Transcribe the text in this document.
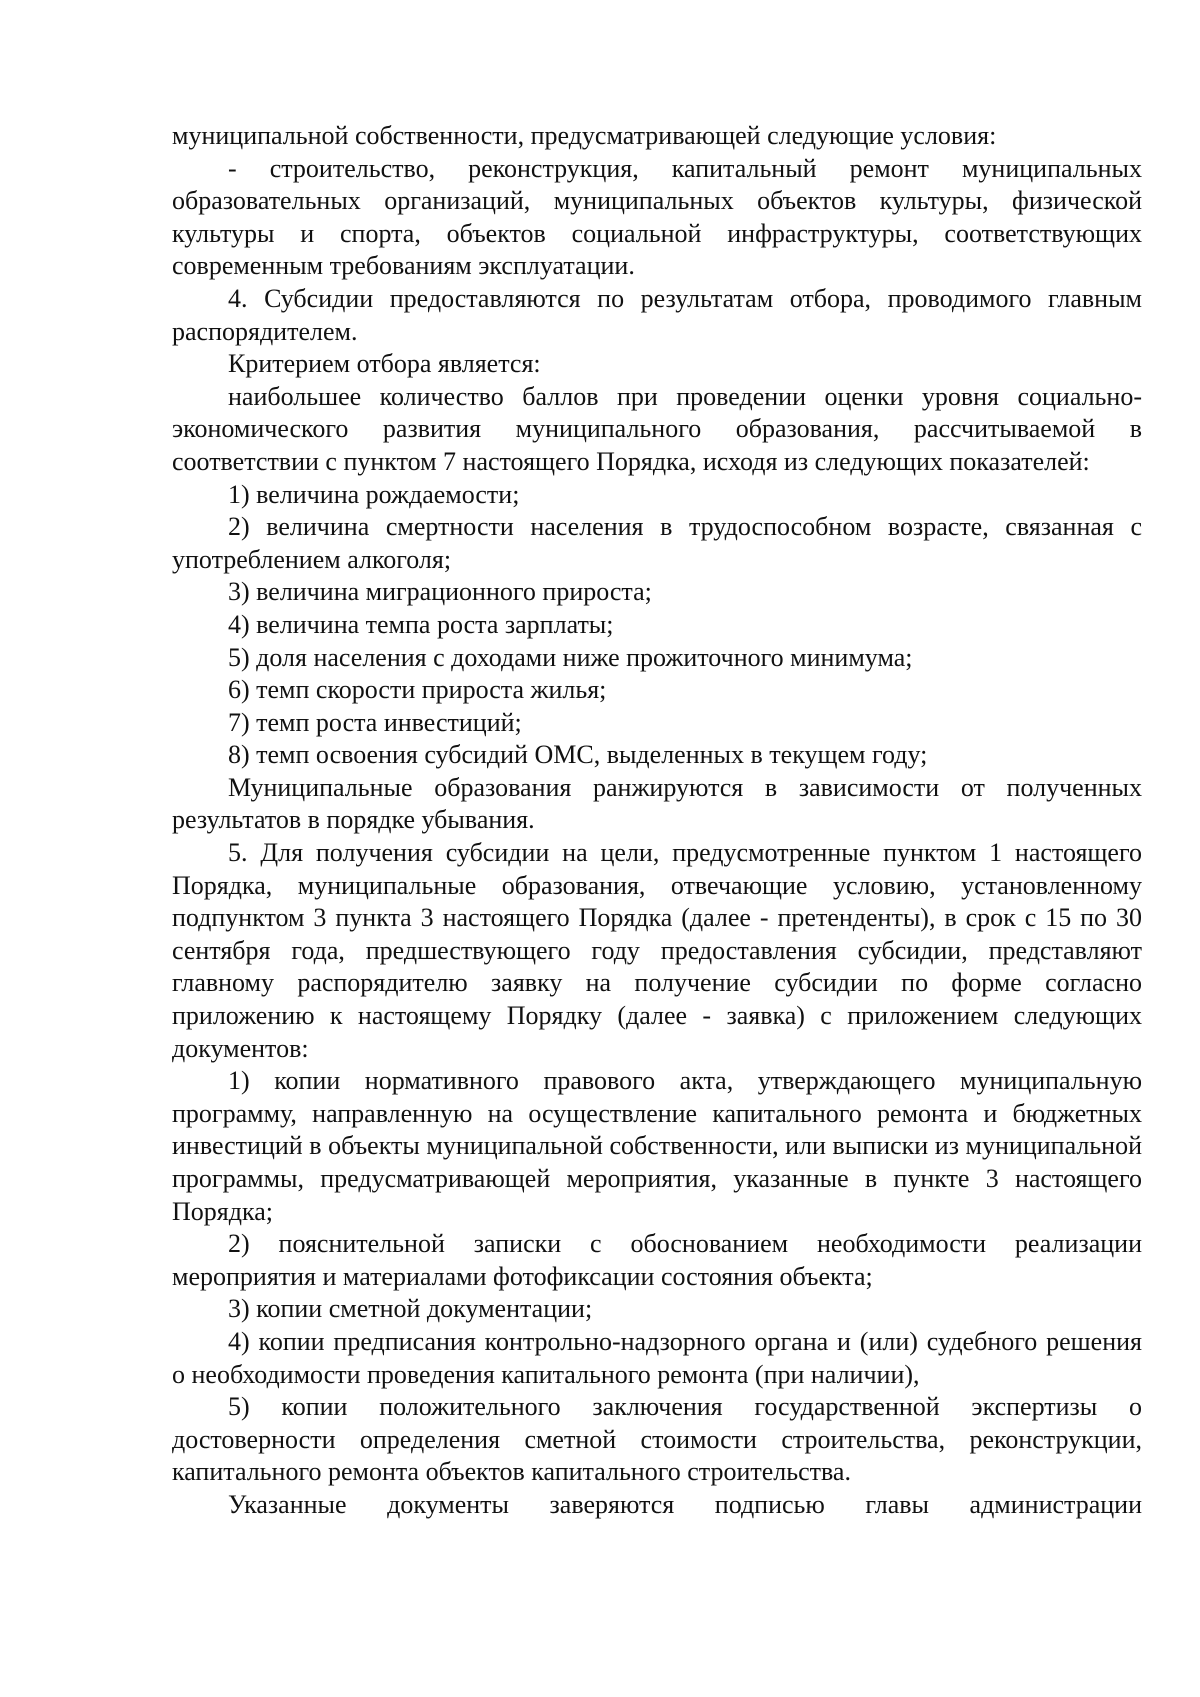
муниципальной собственности, предусматривающей следующие условия:

- строительство, реконструкция, капитальный ремонт муниципальных образовательных организаций, муниципальных объектов культуры, физической культуры и спорта, объектов социальной инфраструктуры, соответствующих современным требованиям эксплуатации.

4. Субсидии предоставляются по результатам отбора, проводимого главным распорядителем.

Критерием отбора является:

наибольшее количество баллов при проведении оценки уровня социально-экономического развития муниципального образования, рассчитываемой в соответствии с пунктом 7 настоящего Порядка, исходя из следующих показателей:

1) величина рождаемости;

2) величина смертности населения в трудоспособном возрасте, связанная с употреблением алкоголя;

3) величина миграционного прироста;

4) величина темпа роста зарплаты;

5) доля населения с доходами ниже прожиточного минимума;

6) темп скорости прироста жилья;

7) темп роста инвестиций;

8) темп освоения субсидий ОМС, выделенных в текущем году;

Муниципальные образования ранжируются в зависимости от полученных результатов в порядке убывания.

5. Для получения субсидии на цели, предусмотренные пунктом 1 настоящего Порядка, муниципальные образования, отвечающие условию, установленному подпунктом 3 пункта 3 настоящего Порядка (далее - претенденты), в срок с 15 по 30 сентября года, предшествующего году предоставления субсидии, представляют главному распорядителю заявку на получение субсидии по форме согласно приложению к настоящему Порядку (далее - заявка) с приложением следующих документов:

1) копии нормативного правового акта, утверждающего муниципальную программу, направленную на осуществление капитального ремонта и бюджетных инвестиций в объекты муниципальной собственности, или выписки из муниципальной программы, предусматривающей мероприятия, указанные в пункте 3 настоящего Порядка;

2) пояснительной записки с обоснованием необходимости реализации мероприятия и материалами фотофиксации состояния объекта;

3) копии сметной документации;

4) копии предписания контрольно-надзорного органа и (или) судебного решения о необходимости проведения капитального ремонта (при наличии),

5) копии положительного заключения государственной экспертизы о достоверности определения сметной стоимости строительства, реконструкции, капитального ремонта объектов капитального строительства.

Указанные документы заверяются подписью главы администрации
